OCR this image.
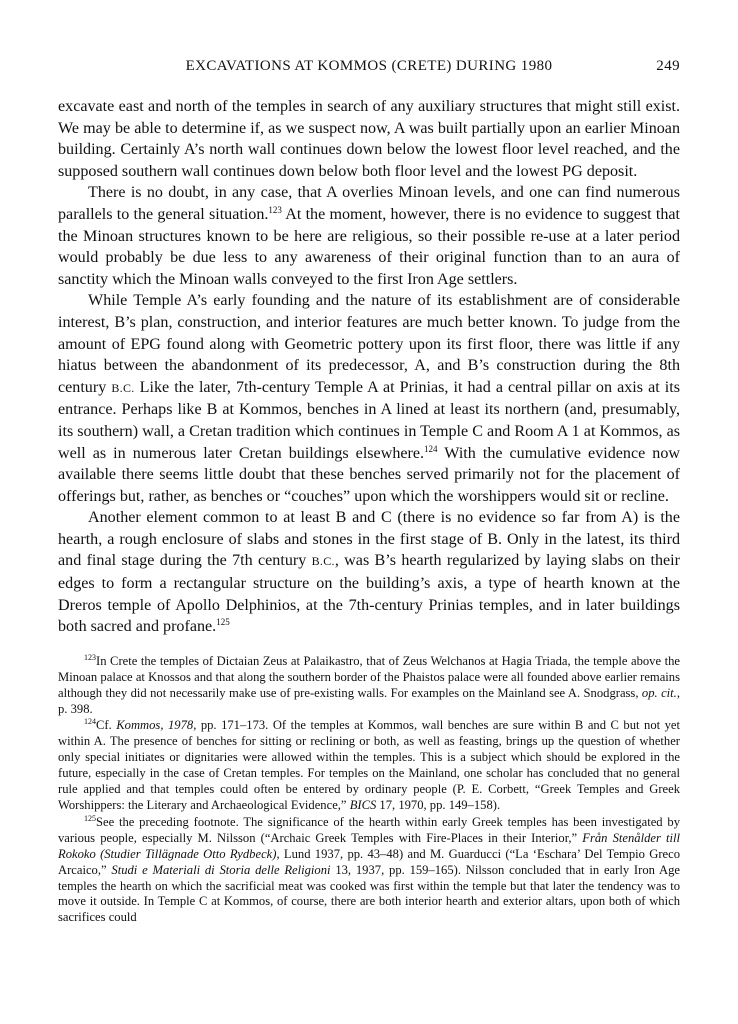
EXCAVATIONS AT KOMMOS (CRETE) DURING 1980	249

excavate east and north of the temples in search of any auxiliary structures that might still exist. We may be able to determine if, as we suspect now, A was built partially upon an earlier Minoan building. Certainly A’s north wall continues down below the lowest floor level reached, and the supposed southern wall continues down below both floor level and the lowest PG deposit.

There is no doubt, in any case, that A overlies Minoan levels, and one can find numerous parallels to the general situation.$^{123}$ At the moment, however, there is no evidence to suggest that the Minoan structures known to be here are religious, so their possible re-use at a later period would probably be due less to any awareness of their original function than to an aura of sanctity which the Minoan walls conveyed to the first Iron Age settlers.

While Temple A’s early founding and the nature of its establishment are of considerable interest, B’s plan, construction, and interior features are much better known. To judge from the amount of EPG found along with Geometric pottery upon its first floor, there was little if any hiatus between the abandonment of its predecessor, A, and B’s construction during the 8th century B.C. Like the later, 7th-century Temple A at Prinias, it had a central pillar on axis at its entrance. Perhaps like B at Kommos, benches in A lined at least its northern (and, presumably, its southern) wall, a Cretan tradition which continues in Temple C and Room A 1 at Kommos, as well as in numerous later Cretan buildings elsewhere.$^{124}$ With the cumulative evidence now available there seems little doubt that these benches served primarily not for the placement of offerings but, rather, as benches or “couches” upon which the worshippers would sit or recline.

Another element common to at least B and C (there is no evidence so far from A) is the hearth, a rough enclosure of slabs and stones in the first stage of B. Only in the latest, its third and final stage during the 7th century B.C., was B’s hearth regularized by laying slabs on their edges to form a rectangular structure on the building’s axis, a type of hearth known at the Dreros temple of Apollo Delphinios, at the 7th-century Prinias temples, and in later buildings both sacred and profane.$^{125}$

$^{123}$In Crete the temples of Dictaian Zeus at Palaikastro, that of Zeus Welchanos at Hagia Triada, the temple above the Minoan palace at Knossos and that along the southern border of the Phaistos palace were all founded above earlier remains although they did not necessarily make use of pre-existing walls. For examples on the Mainland see A. Snodgrass, op. cit., p. 398.

$^{124}$Cf. Kommos, 1978, pp. 171–173. Of the temples at Kommos, wall benches are sure within B and C but not yet within A. The presence of benches for sitting or reclining or both, as well as feasting, brings up the question of whether only special initiates or dignitaries were allowed within the temples. This is a subject which should be explored in the future, especially in the case of Cretan temples. For temples on the Mainland, one scholar has concluded that no general rule applied and that temples could often be entered by ordinary people (P. E. Corbett, “Greek Temples and Greek Worshippers: the Literary and Archaeological Evidence,” BICS 17, 1970, pp. 149–158).

$^{125}$See the preceding footnote. The significance of the hearth within early Greek temples has been investigated by various people, especially M. Nilsson (“Archaic Greek Temples with Fire-Places in their Interior,” Från Stenålder till Rokoko (Studier Tillägnade Otto Rydbeck), Lund 1937, pp. 43–48) and M. Guarducci (“La ‘Eschara’ Del Tempio Greco Arcaico,” Studi e Materiali di Storia delle Religioni 13, 1937, pp. 159–165). Nilsson concluded that in early Iron Age temples the hearth on which the sacrificial meat was cooked was first within the temple but that later the tendency was to move it outside. In Temple C at Kommos, of course, there are both interior hearth and exterior altars, upon both of which sacrifices could
